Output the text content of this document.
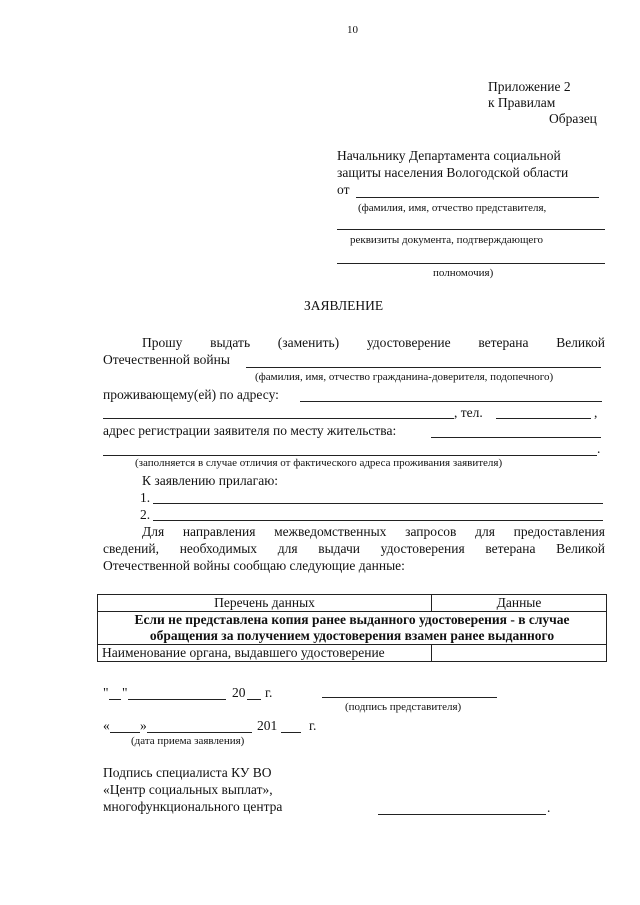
10
Приложение 2
к Правилам
Образец
Начальнику Департамента социальной
защиты населения Вологодской области
от
(фамилия, имя, отчество представителя,
реквизиты документа, подтверждающего
полномочия)
ЗАЯВЛЕНИЕ
Прошу выдать (заменить) удостоверение ветерана Великой
Отечественной войны
(фамилия, имя, отчество гражданина-доверителя, подопечного)
проживающему(ей) по адресу:
, тел.	,
адрес регистрации заявителя по месту жительства:
.
(заполняется в случае отличия от фактического адреса проживания заявителя)
К заявлению прилагаю:
1.
2.
Для направления межведомственных запросов для предоставления
сведений, необходимых для выдачи удостоверения ветерана Великой
Отечественной войны сообщаю следующие данные:
Перечень данных	Данные
Если не представлена копия ранее выданного удостоверения - в случае обращения за получением удостоверения взамен ранее выданного	
Наименование органа, выдавшего удостоверение	
" "	20 г.
(подпись представителя)
« »	201 г.
(дата приема заявления)
Подпись специалиста КУ ВО
«Центр социальных выплат»,
многофункционального центра	.
